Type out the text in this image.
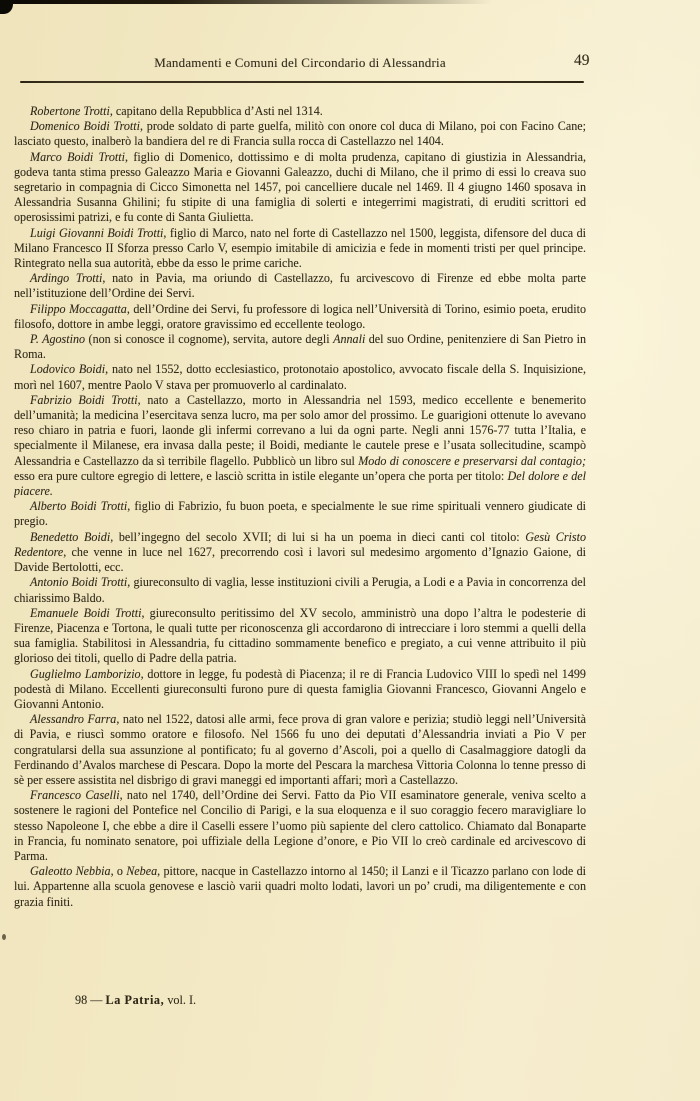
Mandamenti e Comuni del Circondario di Alessandria	49

Robertone Trotti, capitano della Repubblica d’Asti nel 1314.

Domenico Boidi Trotti, prode soldato di parte guelfa, militò con onore col duca di Milano, poi con Facino Cane; lasciato questo, inalberò la bandiera del re di Francia sulla rocca di Castellazzo nel 1404.

Marco Boidi Trotti, figlio di Domenico, dottissimo e di molta prudenza, capitano di giustizia in Alessandria, godeva tanta stima presso Galeazzo Maria e Giovanni Galeazzo, duchi di Milano, che il primo di essi lo creava suo segretario in compagnia di Cicco Simonetta nel 1457, poi cancelliere ducale nel 1469. Il 4 giugno 1460 sposava in Alessandria Susanna Ghilini; fu stipite di una famiglia di solerti e integerrimi magistrati, di eruditi scrittori ed operosissimi patrizi, e fu conte di Santa Giulietta.

Luigi Giovanni Boidi Trotti, figlio di Marco, nato nel forte di Castellazzo nel 1500, leggista, difensore del duca di Milano Francesco II Sforza presso Carlo V, esempio imitabile di amicizia e fede in momenti tristi per quel principe. Rintegrato nella sua autorità, ebbe da esso le prime cariche.

Ardingo Trotti, nato in Pavia, ma oriundo di Castellazzo, fu arcivescovo di Firenze ed ebbe molta parte nell’istituzione dell’Ordine dei Servi.

Filippo Moccagatta, dell’Ordine dei Servi, fu professore di logica nell’Università di Torino, esimio poeta, erudito filosofo, dottore in ambe leggi, oratore gravissimo ed eccellente teologo.

P. Agostino (non si conosce il cognome), servita, autore degli Annali del suo Ordine, penitenziere di San Pietro in Roma.

Lodovico Boidi, nato nel 1552, dotto ecclesiastico, protonotaio apostolico, avvocato fiscale della S. Inquisizione, morì nel 1607, mentre Paolo V stava per promuoverlo al cardinalato.

Fabrizio Boidi Trotti, nato a Castellazzo, morto in Alessandria nel 1593, medico eccellente e benemerito dell’umanità; la medicina l’esercitava senza lucro, ma per solo amor del prossimo. Le guarigioni ottenute lo avevano reso chiaro in patria e fuori, laonde gli infermi correvano a lui da ogni parte. Negli anni 1576-77 tutta l’Italia, e specialmente il Milanese, era invasa dalla peste; il Boidi, mediante le cautele prese e l’usata sollecitudine, scampò Alessandria e Castellazzo da sì terribile flagello. Pubblicò un libro sul Modo di conoscere e preservarsi dal contagio; esso era pure cultore egregio di lettere, e lasciò scritta in istile elegante un’opera che porta per titolo: Del dolore e del piacere.

Alberto Boidi Trotti, figlio di Fabrizio, fu buon poeta, e specialmente le sue rime spirituali vennero giudicate di pregio.

Benedetto Boidi, bell’ingegno del secolo XVII; di lui si ha un poema in dieci canti col titolo: Gesù Cristo Redentore, che venne in luce nel 1627, precorrendo così i lavori sul medesimo argomento d’Ignazio Gaione, di Davide Bertolotti, ecc.

Antonio Boidi Trotti, giureconsulto di vaglia, lesse instituzioni civili a Perugia, a Lodi e a Pavia in concorrenza del chiarissimo Baldo.

Emanuele Boidi Trotti, giureconsulto peritissimo del XV secolo, amministrò una dopo l’altra le podesterie di Firenze, Piacenza e Tortona, le quali tutte per riconoscenza gli accordarono di intrecciare i loro stemmi a quelli della sua famiglia. Stabilitosi in Alessandria, fu cittadino sommamente benefico e pregiato, a cui venne attribuito il più glorioso dei titoli, quello di Padre della patria.

Guglielmo Lamborizio, dottore in legge, fu podestà di Piacenza; il re di Francia Ludovico VIII lo spedì nel 1499 podestà di Milano. Eccellenti giureconsulti furono pure di questa famiglia Giovanni Francesco, Giovanni Angelo e Giovanni Antonio.

Alessandro Farra, nato nel 1522, datosi alle armi, fece prova di gran valore e perizia; studiò leggi nell’Università di Pavia, e riuscì sommo oratore e filosofo. Nel 1566 fu uno dei deputati d’Alessandria inviati a Pio V per congratularsi della sua assunzione al pontificato; fu al governo d’Ascoli, poi a quello di Casalmaggiore datogli da Ferdinando d’Avalos marchese di Pescara. Dopo la morte del Pescara la marchesa Vittoria Colonna lo tenne presso di sè per essere assistita nel disbrigo di gravi maneggi ed importanti affari; morì a Castellazzo.

Francesco Caselli, nato nel 1740, dell’Ordine dei Servi. Fatto da Pio VII esaminatore generale, veniva scelto a sostenere le ragioni del Pontefice nel Concilio di Parigi, e la sua eloquenza e il suo coraggio fecero maravigliare lo stesso Napoleone I, che ebbe a dire il Caselli essere l’uomo più sapiente del clero cattolico. Chiamato dal Bonaparte in Francia, fu nominato senatore, poi uffiziale della Legione d’onore, e Pio VII lo creò cardinale ed arcivescovo di Parma.

Galeotto Nebbia, o Nebea, pittore, nacque in Castellazzo intorno al 1450; il Lanzi e il Ticazzo parlano con lode di lui. Appartenne alla scuola genovese e lasciò varii quadri molto lodati, lavori un po’ crudi, ma diligentemente e con grazia finiti.

98 — La Patria, vol. I.
